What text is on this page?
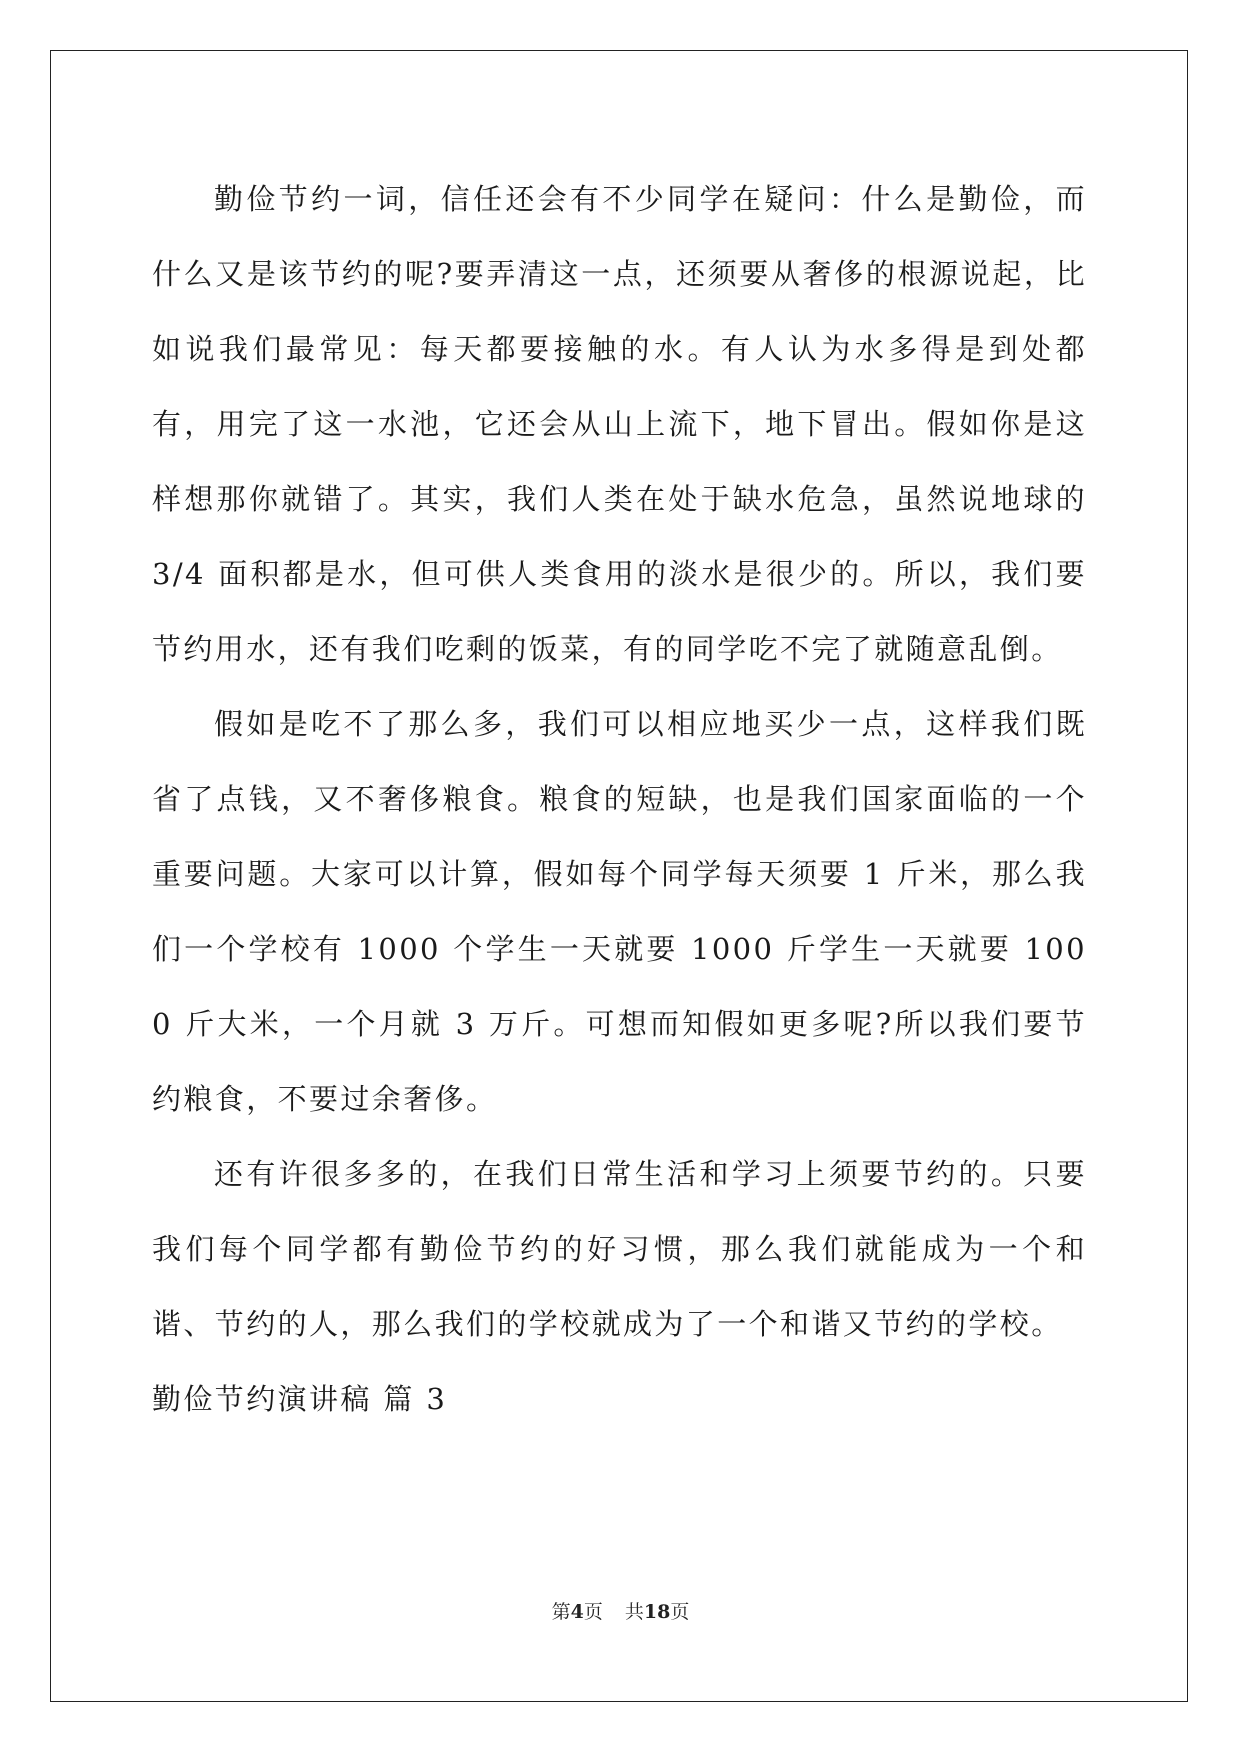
勤俭节约一词，信任还会有不少同学在疑问：什么是勤俭，而什么又是该节约的呢?要弄清这一点，还须要从奢侈的根源说起，比如说我们最常见：每天都要接触的水。有人认为水多得是到处都有，用完了这一水池，它还会从山上流下，地下冒出。假如你是这样想那你就错了。其实，我们人类在处于缺水危急，虽然说地球的 3/4 面积都是水，但可供人类食用的淡水是很少的。所以，我们要节约用水，还有我们吃剩的饭菜，有的同学吃不完了就随意乱倒。

假如是吃不了那么多，我们可以相应地买少一点，这样我们既省了点钱，又不奢侈粮食。粮食的短缺，也是我们国家面临的一个重要问题。大家可以计算，假如每个同学每天须要 1 斤米，那么我们一个学校有 1000 个学生一天就要 1000 斤学生一天就要 1000 斤大米，一个月就 3 万斤。可想而知假如更多呢?所以我们要节约粮食，不要过余奢侈。

还有许很多多的，在我们日常生活和学习上须要节约的。只要我们每个同学都有勤俭节约的好习惯，那么我们就能成为一个和谐、节约的人，那么我们的学校就成为了一个和谐又节约的学校。

勤俭节约演讲稿 篇 3

第4页 共18页
